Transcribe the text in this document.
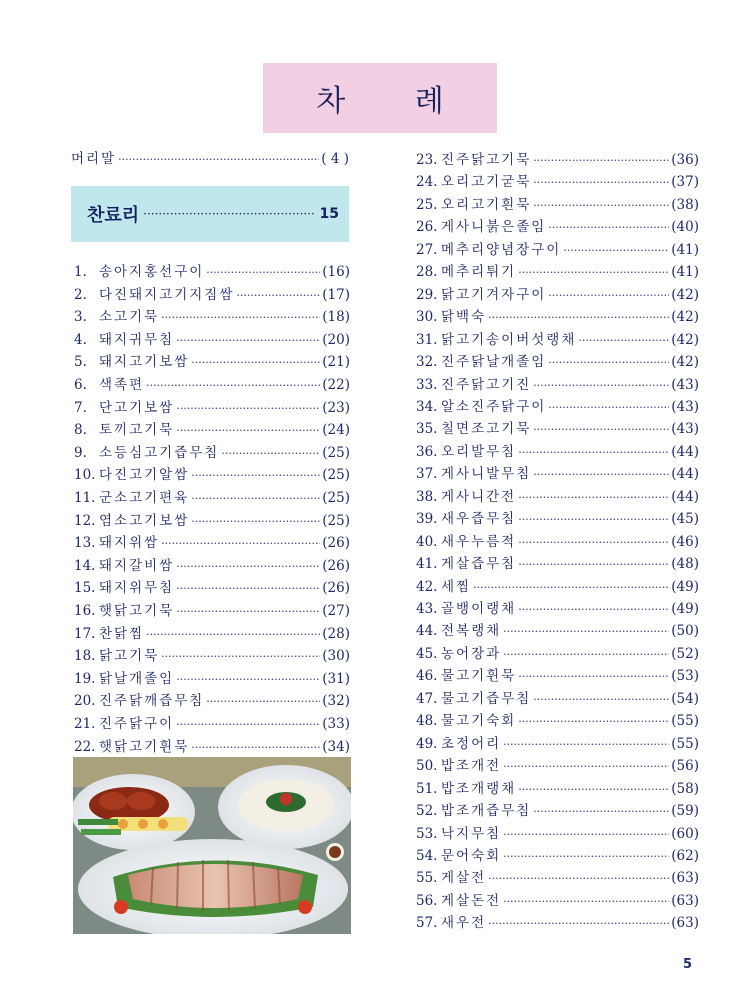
차 례
머리말 ·····	( 4 )
찬료리 ·····	15
1. 송아지홍선구이 ·····	(16)
2. 다진돼지고기지짐쌈 ·····	(17)
3. 소고기묵 ·····	(18)
4. 돼지귀무침 ·····	(20)
5. 돼지고기보쌈 ·····	(21)
6. 색족편 ·····	(22)
7. 단고기보쌈 ·····	(23)
8. 토끼고기묵 ·····	(24)
9. 소등심고기즙무침 ·····	(25)
10. 다진고기알쌈 ·····	(25)
11. 군소고기편육 ·····	(25)
12. 염소고기보쌈 ·····	(25)
13. 돼지위쌈 ·····	(26)
14. 돼지갈비쌈 ·····	(26)
15. 돼지위무침 ·····	(26)
16. 햇닭고기묵 ·····	(27)
17. 찬닭찜 ·····	(28)
18. 닭고기묵 ·····	(30)
19. 닭날개졸임 ·····	(31)
20. 진주닭깨즙무침 ·····	(32)
21. 진주닭구이 ·····	(33)
22. 햇닭고기휜묵 ·····	(34)
23. 진주닭고기묵 ·····	(36)
24. 오리고기굳묵 ·····	(37)
25. 오리고기흰묵 ·····	(38)
26. 게사니붉은졸임 ·····	(40)
27. 메추리양념장구이 ·····	(41)
28. 메추리튀기 ·····	(41)
29. 닭고기겨자구이 ·····	(42)
30. 닭백숙 ·····	(42)
31. 닭고기송이버섯랭채 ·····	(42)
32. 진주닭날개졸임 ·····	(42)
33. 진주닭고기진 ·····	(43)
34. 알소진주닭구이 ·····	(43)
35. 칠면조고기묵 ·····	(43)
36. 오리발무침 ·····	(44)
37. 게사니발무침 ·····	(44)
38. 게사니간전 ·····	(44)
39. 새우즙무침 ·····	(45)
40. 새우누름적 ·····	(46)
41. 게살즙무침 ·····	(48)
42. 세찜 ·····	(49)
43. 골뱅이랭채 ·····	(49)
44. 전복랭채 ·····	(50)
45. 농어장과 ·····	(52)
46. 물고기휜묵 ·····	(53)
47. 물고기즙무침 ·····	(54)
48. 물고기숙회 ·····	(55)
49. 초정어리 ·····	(55)
50. 밥조개전 ·····	(56)
51. 밥조개랭채 ·····	(58)
52. 밥조개즙무침 ·····	(59)
53. 낙지무침 ·····	(60)
54. 문어숙회 ·····	(62)
55. 게살전 ·····	(63)
56. 게살돈전 ·····	(63)
57. 새우전 ·····	(63)
5
